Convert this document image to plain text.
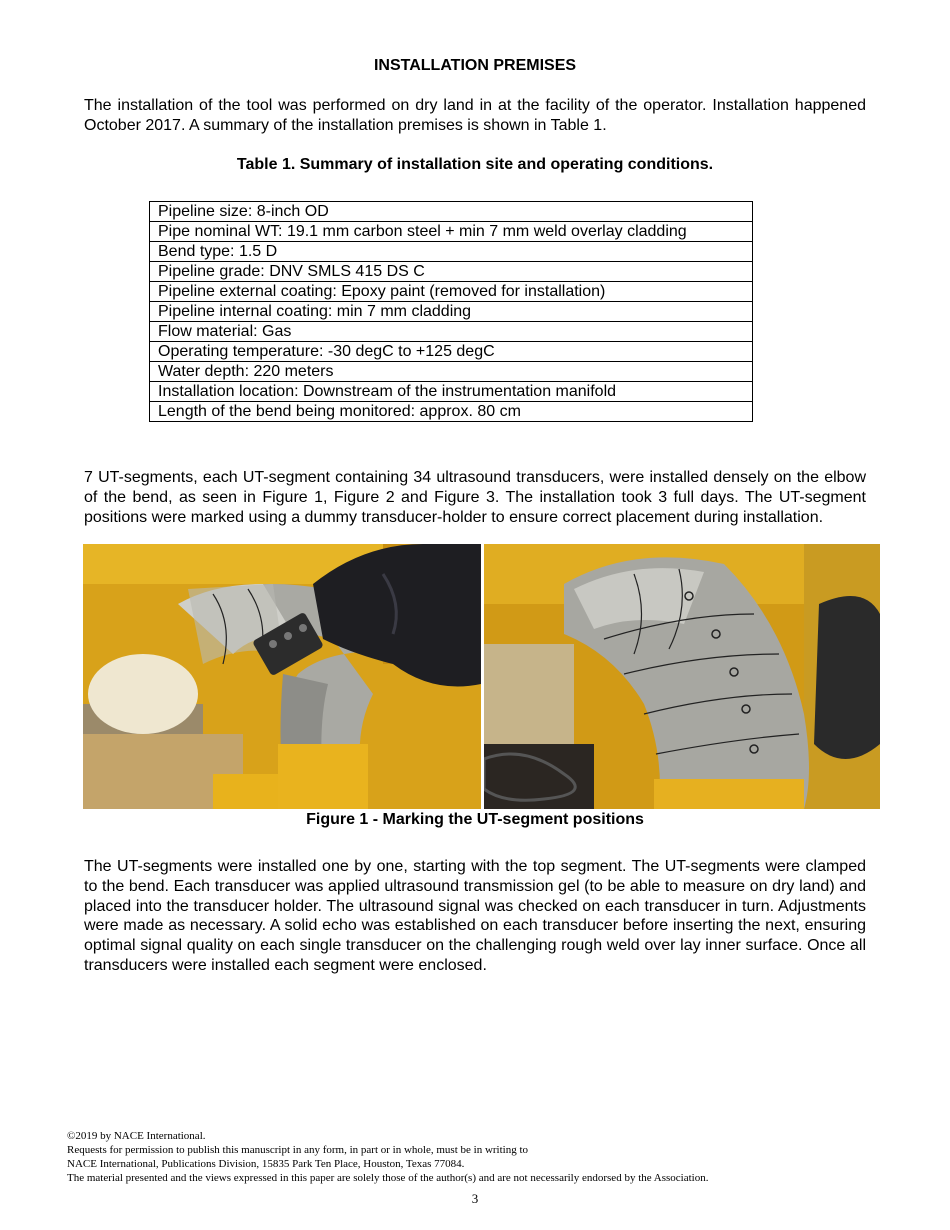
INSTALLATION PREMISES
The installation of the tool was performed on dry land in at the facility of the operator. Installation happened October 2017. A summary of the installation premises is shown in Table 1.
Table 1. Summary of installation site and operating conditions.
Pipeline size: 8-inch OD
Pipe nominal WT: 19.1 mm carbon steel + min 7 mm weld overlay cladding
Bend type: 1.5 D
Pipeline grade: DNV SMLS 415 DS C
Pipeline external coating: Epoxy paint (removed for installation)
Pipeline internal coating: min 7 mm cladding
Flow material: Gas
Operating temperature: -30 degC to +125 degC
Water depth: 220 meters
Installation location: Downstream of the instrumentation manifold
Length of the bend being monitored: approx. 80 cm
7 UT-segments, each UT-segment containing 34 ultrasound transducers, were installed densely on the elbow of the bend, as seen in Figure 1, Figure 2 and Figure 3. The installation took 3 full days. The UT-segment positions were marked using a dummy transducer-holder to ensure correct placement during installation.
Figure 1 - Marking the UT-segment positions
The UT-segments were installed one by one, starting with the top segment. The UT-segments were clamped to the bend. Each transducer was applied ultrasound transmission gel (to be able to measure on dry land) and placed into the transducer holder. The ultrasound signal was checked on each transducer in turn. Adjustments were made as necessary. A solid echo was established on each transducer before inserting the next, ensuring optimal signal quality on each single transducer on the challenging rough weld over lay inner surface. Once all transducers were installed each segment were enclosed.
©2019 by NACE International.
Requests for permission to publish this manuscript in any form, in part or in whole, must be in writing to
NACE International, Publications Division, 15835 Park Ten Place, Houston, Texas 77084.
The material presented and the views expressed in this paper are solely those of the author(s) and are not necessarily endorsed by the Association.
3
